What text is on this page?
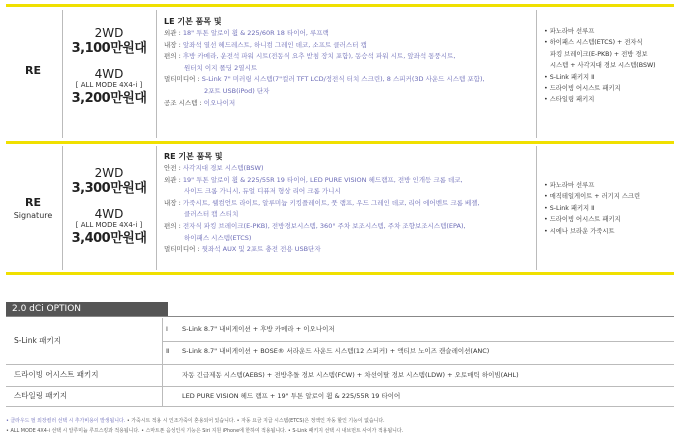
RE
2WD
3,100만원대
4WD
[ ALL MODE 4X4-i ]
3,200만원대
LE 기본 품목 및
외관 : 18" 투톤 알로이 휠 & 225/60R 18 타이어, 루프랙
내장 : 앞좌석 열선 헤드레스트, 하니컴 그레인 데코, 소프트 클러스터 캡
편의 : 후방 카메라, 운전석 파워 시트(전동식 요추 받침 장치 포함), 동승석 파워 시트, 앞좌석 통풍시트,
원터치 이지 폴딩 2열시트
멀티미디어 : S-Link 7" 미러링 시스템(7"컬러 TFT LCD/정전식 터치 스크린), 8 스피커(3D 사운드 시스템 포함),
2포트 USB(iPod) 단자
공조 시스템 : 이오나이저
• 파노라마 선루프
• 하이패스 시스템(ETCS) + 전자식
파킹 브레이크(E-PKB) + 전방 경보
시스템 + 사각지대 경보 시스템(BSW)
• S-Link 패키지 Ⅱ
• 드라이빙 어시스트 패키지
• 스타일링 패키지
RE
Signature
2WD
3,300만원대
4WD
[ ALL MODE 4X4-i ]
3,400만원대
RE 기본 품목 및
안전 : 사각지대 경보 시스템(BSW)
외관 : 19" 투톤 알로이 휠 & 225/55R 19 타이어, LED PURE VISION 헤드램프, 전방 인개등 크롬 데코,
사이드 크롬 가니시, 듀얼 디퓨저 형상 리어 크롬 가니시
내장 : 가죽시트, 웰컴언트 라이트, 알루미늄 키킹플레이트, 풋 램프, 우드 그레인 데코, 리어 에어벤트 크롬 베젤,
클러스터 캡 스티치
편의 : 전자식 파킹 브레이크(E-PKB), 전방경보시스템, 360° 주차 보조시스템, 주차 조향보조시스템(EPA),
하이패스 시스템(ETCS)
멀티미디어 : 뒷좌석 AUX 및 2포트 충전 전용 USB단자
• 파노라마 선루프
• 매직테일게이트 + 러기지 스크린
• S-Link 패키지 Ⅱ
• 드라이빙 어시스트 패키지
• 시에나 브라운 가죽시트
2.0 dCi OPTION
S-Link 패키지
Ⅰ S-Link 8.7" 내비게이션 + 후방 카메라 + 이오나이저
Ⅱ S-Link 8.7" 내비게이션 + BOSE® 서라운드 사운드 시스템(12 스피커) + 액티브 노이즈 캔슬레이션(ANC)
드라이빙 어시스트 패키지	자동 긴급제동 시스템(AEBS) + 전방추돌 경보 시스템(FCW) + 차선이탈 경보 시스템(LDW) + 오토매틱 하이빔(AHL)
스타일링 패키지	LED PURE VISION 헤드 램프 + 19" 투톤 알로이 휠 & 225/55R 19 타이어
• 클라우드 펄 외장컬러 선택 시 추가비용이 발생됩니다. • 가죽시트 적용 시 인조가죽이 혼용되어 있습니다. • 자동 요금 지급 시스템(ETCS)은 정액인 자동 할인 기능이 없습니다.
• ALL MODE 4X4-i 선택 시 알루미늄 루프스킹과 적용됩니다. • 스마트폰 음성인식 기능은 Siri 지원 iPhone에 한하여 적용됩니다. • S-Link 패키지 선택 시 내브먼트 사이가 적용됩니다.
